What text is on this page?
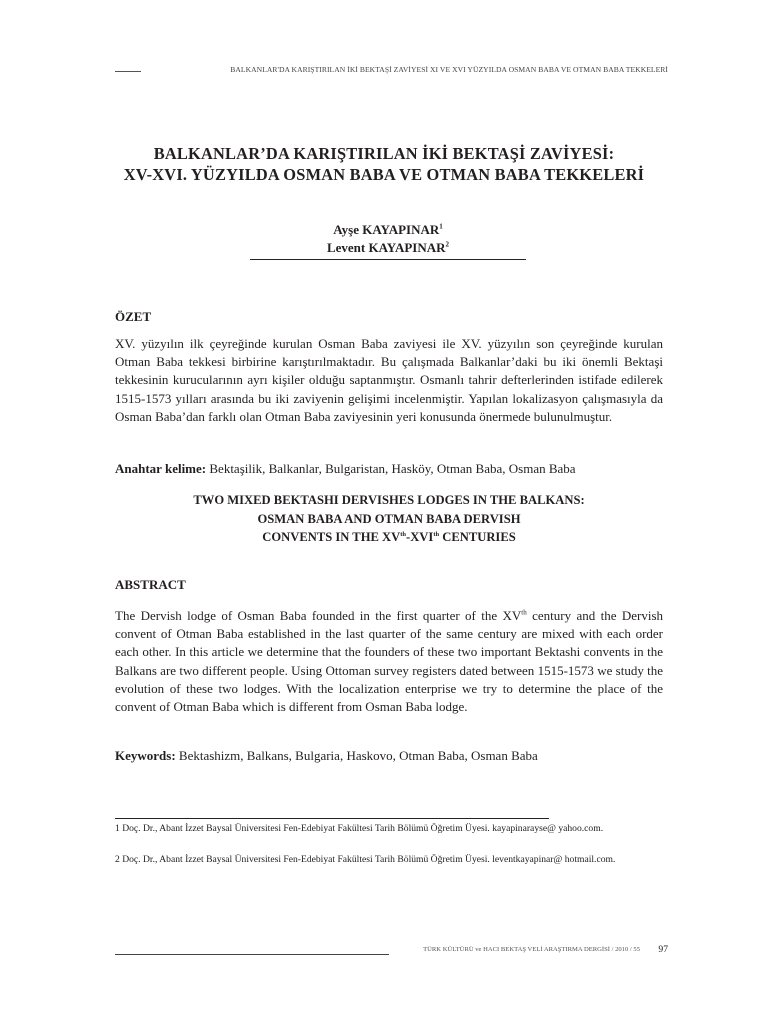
BALKANLAR'DA KARIŞTIRILAN İKİ BEKTAŞİ ZAVİYESİ XI VE XVI YÜZYILDA OSMAN BABA VE OTMAN BABA TEKKELERİ
BALKANLAR’DA KARIŞTIRILAN İKİ BEKTAŞİ ZAVİYESİ:
XV-XVI. YÜZYILDA OSMAN BABA VE OTMAN BABA TEKKELERİ
Ayşe KAYAPINAR$^1$
Levent KAYAPINAR$^2$
ÖZET
XV. yüzyılın ilk çeyreğinde kurulan Osman Baba zaviyesi ile XV. yüzyılın son çeyreğinde kurulan Otman Baba tekkesi birbirine karıştırılmaktadır. Bu çalışmada Balkanlar’daki bu iki önemli Bektaşi tekkesinin kurucularının ayrı kişiler olduğu saptanmıştır. Osmanlı tahrir defterlerinden istifade edilerek 1515-1573 yılları arasında bu iki zaviyenin gelişimi incelenmiştir. Yapılan lokalizasyon çalışmasıyla da Osman Baba’dan farklı olan Otman Baba zaviyesinin yeri konusunda önermede bulunulmuştur.
Anahtar kelime: Bektaşilik, Balkanlar, Bulgaristan, Hasköy, Otman Baba, Osman Baba
TWO MIXED BEKTASHI DERVISHES LODGES IN THE BALKANS:
OSMAN BABA AND OTMAN BABA DERVISH
CONVENTS IN THE XVth-XVIth CENTURIES
ABSTRACT
The Dervish lodge of Osman Baba founded in the first quarter of the XVth century and the Dervish convent of Otman Baba established in the last quarter of the same century are mixed with each order each other. In this article we determine that the founders of these two important Bektashi convents in the Balkans are two different people. Using Ottoman survey registers dated between 1515-1573 we study the evolution of these two lodges. With the localization enterprise we try to determine the place of the convent of Otman Baba which is different from Osman Baba lodge.
Keywords: Bektashizm, Balkans, Bulgaria, Haskovo, Otman Baba, Osman Baba
1 Doç. Dr., Abant İzzet Baysal Üniversitesi Fen-Edebiyat Fakültesi Tarih Bölümü Öğretim Üyesi. kayapinarayse@ yahoo.com.
2 Doç. Dr., Abant İzzet Baysal Üniversitesi Fen-Edebiyat Fakültesi Tarih Bölümü Öğretim Üyesi. leventkayapinar@ hotmail.com.
TÜRK KÜLTÜRÜ ve HACI BEKTAŞ VELİ ARAŞTIRMA DERGİSİ / 2010 / 55	97
